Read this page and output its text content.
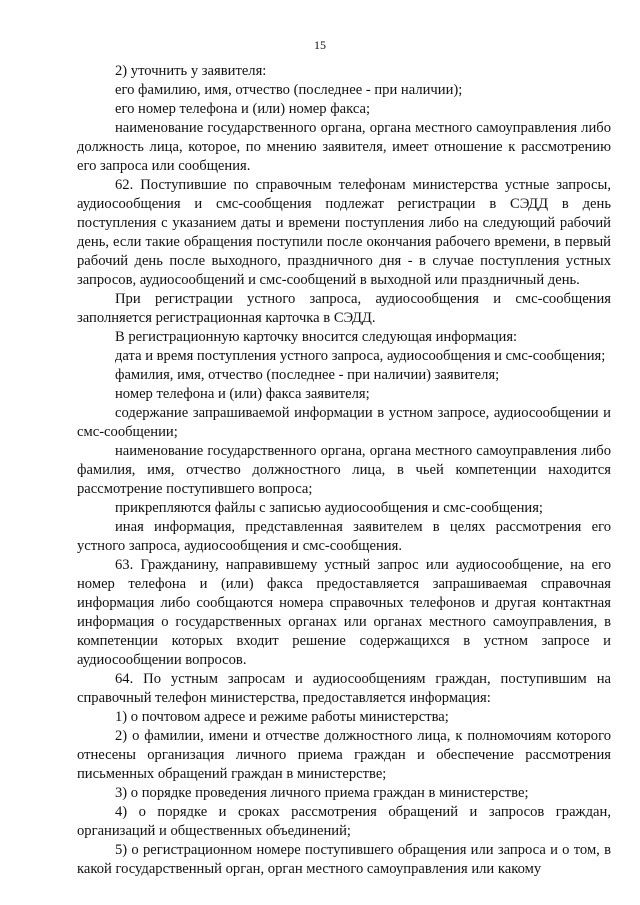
15

2) уточнить у заявителя:

его фамилию, имя, отчество (последнее - при наличии);

его номер телефона и (или) номер факса;

наименование государственного органа, органа местного самоуправления либо должность лица, которое, по мнению заявителя, имеет отношение к рассмотрению его запроса или сообщения.

62. Поступившие по справочным телефонам министерства устные запросы, аудиосообщения и смс-сообщения подлежат регистрации в СЭДД в день поступления с указанием даты и времени поступления либо на следующий рабочий день, если такие обращения поступили после окончания рабочего времени, в первый рабочий день после выходного, праздничного дня - в случае поступления устных запросов, аудиосообщений и смс-сообщений в выходной или праздничный день.

При регистрации устного запроса, аудиосообщения и смс-сообщения заполняется регистрационная карточка в СЭДД.

В регистрационную карточку вносится следующая информация:

дата и время поступления устного запроса, аудиосообщения и смс-сообщения;

фамилия, имя, отчество (последнее - при наличии) заявителя;

номер телефона и (или) факса заявителя;

содержание запрашиваемой информации в устном запросе, аудиосообщении и смс-сообщении;

наименование государственного органа, органа местного самоуправления либо фамилия, имя, отчество должностного лица, в чьей компетенции находится рассмотрение поступившего вопроса;

прикрепляются файлы с записью аудиосообщения и смс-сообщения;

иная информация, представленная заявителем в целях рассмотрения его устного запроса, аудиосообщения и смс-сообщения.

63. Гражданину, направившему устный запрос или аудиосообщение, на его номер телефона и (или) факса предоставляется запрашиваемая справочная информация либо сообщаются номера справочных телефонов и другая контактная информация о государственных органах или органах местного самоуправления, в компетенции которых входит решение содержащихся в устном запросе и аудиосообщении вопросов.

64. По устным запросам и аудиосообщениям граждан, поступившим на справочный телефон министерства, предоставляется информация:

1) о почтовом адресе и режиме работы министерства;

2) о фамилии, имени и отчестве должностного лица, к полномочиям которого отнесены организация личного приема граждан и обеспечение рассмотрения письменных обращений граждан в министерстве;

3) о порядке проведения личного приема граждан в министерстве;

4) о порядке и сроках рассмотрения обращений и запросов граждан, организаций и общественных объединений;

5) о регистрационном номере поступившего обращения или запроса и о том, в какой государственный орган, орган местного самоуправления или какому
